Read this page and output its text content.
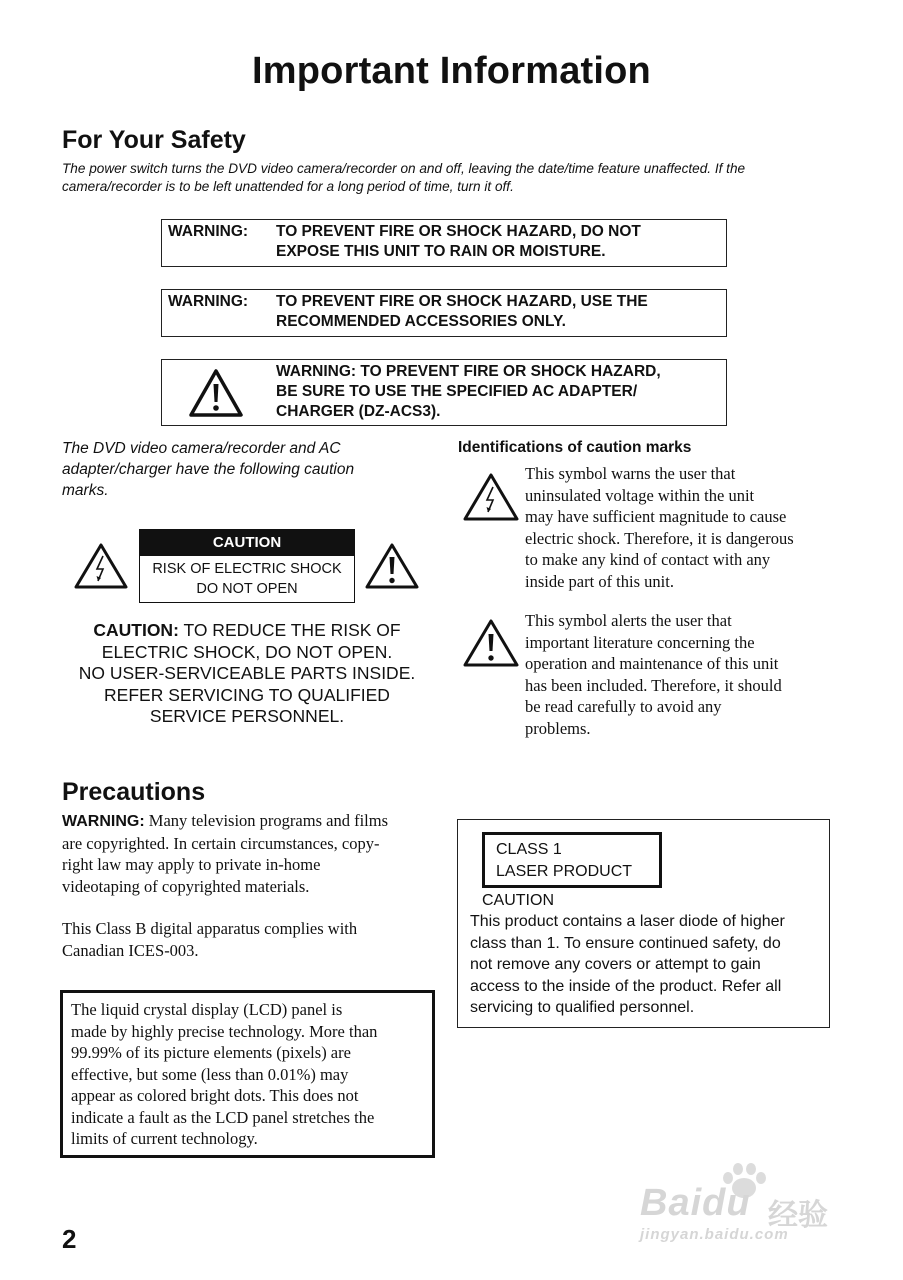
Important Information
For Your Safety
The power switch turns the DVD video camera/recorder on and off, leaving the date/time feature unaffected. If the camera/recorder is to be left unattended for a long period of time, turn it off.
WARNING: TO PREVENT FIRE OR SHOCK HAZARD, DO NOT
EXPOSE THIS UNIT TO RAIN OR MOISTURE.
WARNING: TO PREVENT FIRE OR SHOCK HAZARD, USE THE
RECOMMENDED ACCESSORIES ONLY.
WARNING: TO PREVENT FIRE OR SHOCK HAZARD,
BE SURE TO USE THE SPECIFIED AC ADAPTER/
CHARGER (DZ-ACS3).
The DVD video camera/recorder and AC
adapter/charger have the following caution
marks.
CAUTION
RISK OF ELECTRIC SHOCK
DO NOT OPEN
CAUTION: TO REDUCE THE RISK OF
ELECTRIC SHOCK, DO NOT OPEN.
NO USER-SERVICEABLE PARTS INSIDE.
REFER SERVICING TO QUALIFIED
SERVICE PERSONNEL.
Identifications of caution marks
This symbol warns the user that
uninsulated voltage within the unit
may have sufficient magnitude to cause
electric shock. Therefore, it is dangerous
to make any kind of contact with any
inside part of this unit.
This symbol alerts the user that
important literature concerning the
operation and maintenance of this unit
has been included. Therefore, it should
be read carefully to avoid any
problems.
Precautions
WARNING: Many television programs and films
are copyrighted. In certain circumstances, copy-
right law may apply to private in-home
videotaping of copyrighted materials.
This Class B digital apparatus complies with
Canadian ICES-003.
The liquid crystal display (LCD) panel is
made by highly precise technology. More than
99.99% of its picture elements (pixels) are
effective, but some (less than 0.01%) may
appear as colored bright dots. This does not
indicate a fault as the LCD panel stretches the
limits of current technology.
CLASS 1
LASER PRODUCT
CAUTION
This product contains a laser diode of higher
class than 1. To ensure continued safety, do
not remove any covers or attempt to gain
access to the inside of the product. Refer all
servicing to qualified personnel.
Baidu 经验
jingyan.baidu.com
2
